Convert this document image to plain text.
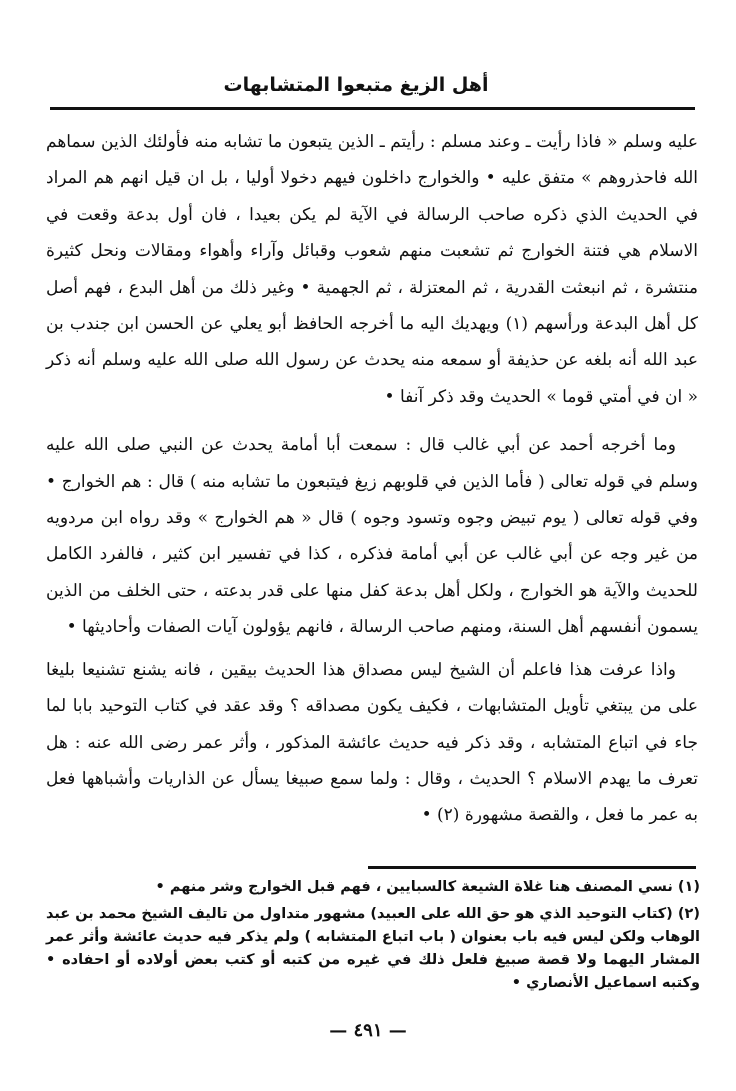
أهل الزيغ متبعوا المتشابهات

عليه وسلم « فاذا رأيت ـ وعند مسلم : رأيتم ـ الذين يتبعون ما تشابه منه فأولئك الذين سماهم الله فاحذروهم » متفق عليه • والخوارج داخلون فيهم دخولا أوليا ، بل ان قيل انهم هم المراد في الحديث الذي ذكره صاحب الرسالة في الآية لم يكن بعيدا ، فان أول بدعة وقعت في الاسلام هي فتنة الخوارج ثم تشعبت منهم شعوب وقبائل وآراء وأهواء ومقالات ونحل كثيرة منتشرة ، ثم انبعثت القدرية ، ثم المعتزلة ، ثم الجهمية • وغير ذلك من أهل البدع ، فهم أصل كل أهل البدعة ورأسهم (١) ويهديك اليه ما أخرجه الحافظ أبو يعلي عن الحسن ابن جندب بن عبد الله أنه بلغه عن حذيفة أو سمعه منه يحدث عن رسول الله صلى الله عليه وسلم أنه ذكر « ان في أمتي قوما » الحديث وقد ذكر آنفا •

وما أخرجه أحمد عن أبي غالب قال : سمعت أبا أمامة يحدث عن النبي صلى الله عليه وسلم في قوله تعالى ( فأما الذين في قلوبهم زيغ فيتبعون ما تشابه منه ) قال : هم الخوارج • وفي قوله تعالى ( يوم تبيض وجوه وتسود وجوه ) قال « هم الخوارج » وقد رواه ابن مردويه من غير وجه عن أبي غالب عن أبي أمامة فذكره ، كذا في تفسير ابن كثير ، فالفرد الكامل للحديث والآية هو الخوارج ، ولكل أهل بدعة كفل منها على قدر بدعته ، حتى الخلف من الذين يسمون أنفسهم أهل السنة، ومنهم صاحب الرسالة ، فانهم يؤولون آيات الصفات وأحاديثها •

واذا عرفت هذا فاعلم أن الشيخ ليس مصداق هذا الحديث بيقين ، فانه يشنع تشنيعا بليغا على من يبتغي تأويل المتشابهات ، فكيف يكون مصداقه ؟ وقد عقد في كتاب التوحيد بابا لما جاء في اتباع المتشابه ، وقد ذكر فيه حديث عائشة المذكور ، وأثر عمر رضى الله عنه : هل تعرف ما يهدم الاسلام ؟ الحديث ، وقال : ولما سمع صبيغا يسأل عن الذاريات وأشباهها فعل به عمر ما فعل ، والقصة مشهورة (٢) •

(١) نسي المصنف هنا غلاة الشيعة كالسبايين ، فهم قبل الخوارج وشر منهم •

(٢) (كتاب التوحيد الذي هو حق الله على العبيد) مشهور متداول من تاليف الشيخ محمد بن عبد الوهاب ولكن ليس فيه باب بعنوان ( باب اتباع المتشابه ) ولم يذكر فيه حديث عائشة وأثر عمر المشار اليهما ولا قصة صبيغ فلعل ذلك في غيره من كتبه أو كتب بعض أولاده أو احفاده • وكتبه اسماعيل الأنصاري •

— ٤٩١ —
